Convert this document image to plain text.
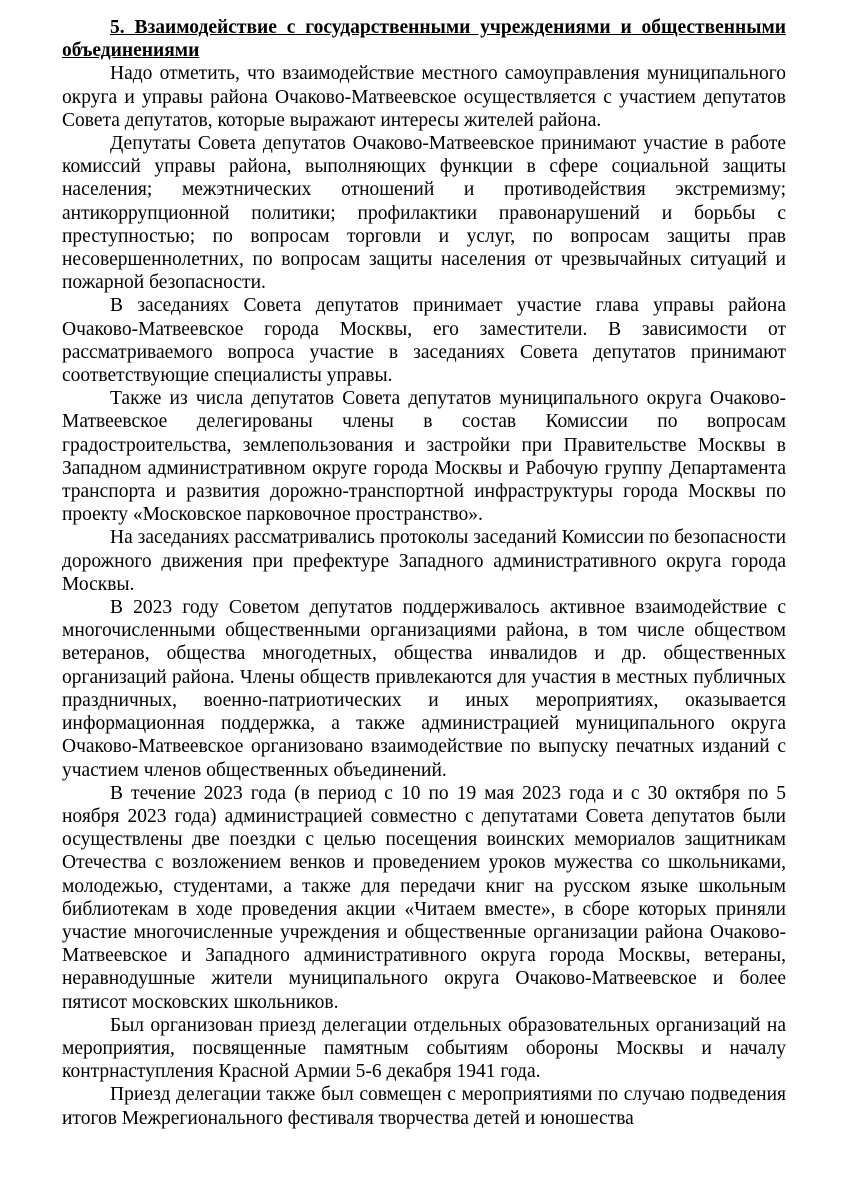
5. Взаимодействие с государственными учреждениями и общественными объединениями

Надо отметить, что взаимодействие местного самоуправления муниципального округа и управы района Очаково-Матвеевское осуществляется с участием депутатов Совета депутатов, которые выражают интересы жителей района.

Депутаты Совета депутатов Очаково-Матвеевское принимают участие в работе комиссий управы района, выполняющих функции в сфере социальной защиты населения; межэтнических отношений и противодействия экстремизму; антикоррупционной политики; профилактики правонарушений и борьбы с преступностью; по вопросам торговли и услуг, по вопросам защиты прав несовершеннолетних, по вопросам защиты населения от чрезвычайных ситуаций и пожарной безопасности.

В заседаниях Совета депутатов принимает участие глава управы района Очаково-Матвеевское города Москвы, его заместители. В зависимости от рассматриваемого вопроса участие в заседаниях Совета депутатов принимают соответствующие специалисты управы.

Также из числа депутатов Совета депутатов муниципального округа Очаково-Матвеевское делегированы члены в состав Комиссии по вопросам градостроительства, землепользования и застройки при Правительстве Москвы в Западном административном округе города Москвы и Рабочую группу Департамента транспорта и развития дорожно-транспортной инфраструктуры города Москвы по проекту «Московское парковочное пространство».

На заседаниях рассматривались протоколы заседаний Комиссии по безопасности дорожного движения при префектуре Западного административного округа города Москвы.

В 2023 году Советом депутатов поддерживалось активное взаимодействие с многочисленными общественными организациями района, в том числе обществом ветеранов, общества многодетных, общества инвалидов и др. общественных организаций района. Члены обществ привлекаются для участия в местных публичных праздничных, военно-патриотических и иных мероприятиях, оказывается информационная поддержка, а также администрацией муниципального округа Очаково-Матвеевское организовано взаимодействие по выпуску печатных изданий с участием членов общественных объединений.

В течение 2023 года (в период с 10 по 19 мая 2023 года и с 30 октября по 5 ноября 2023 года) администрацией совместно с депутатами Совета депутатов были осуществлены две поездки с целью посещения воинских мемориалов защитникам Отечества с возложением венков и проведением уроков мужества со школьниками, молодежью, студентами, а также для передачи книг на русском языке школьным библиотекам в ходе проведения акции «Читаем вместе», в сборе которых приняли участие многочисленные учреждения и общественные организации района Очаково-Матвеевское и Западного административного округа города Москвы, ветераны, неравнодушные жители муниципального округа Очаково-Матвеевское и более пятисот московских школьников.

Был организован приезд делегации отдельных образовательных организаций на мероприятия, посвященные памятным событиям обороны Москвы и началу контрнаступления Красной Армии 5-6 декабря 1941 года.

Приезд делегации также был совмещен с мероприятиями по случаю подведения итогов Межрегионального фестиваля творчества детей и юношества
